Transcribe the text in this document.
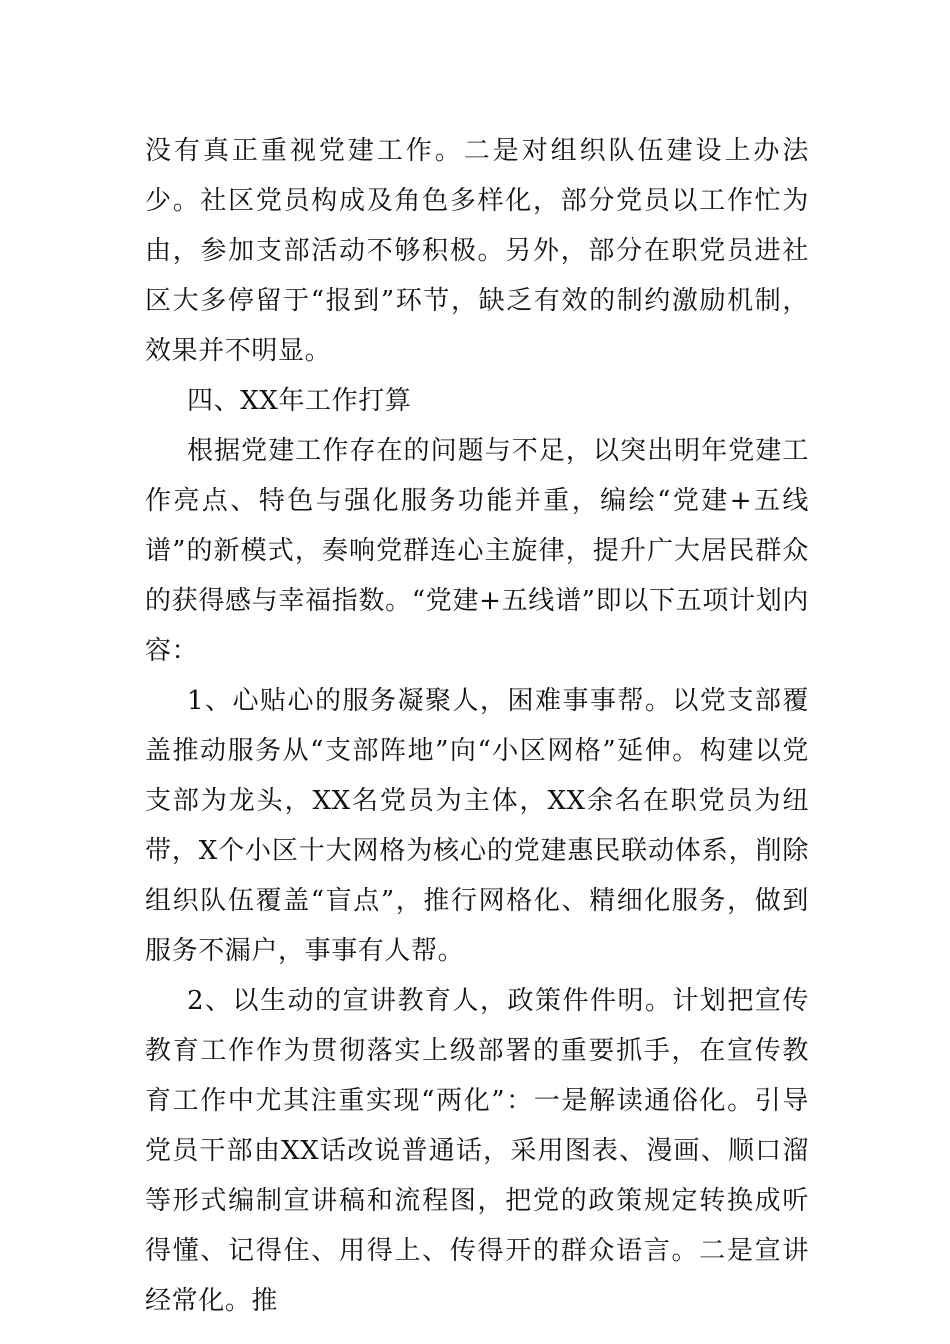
没有真正重视党建工作。二是对组织队伍建设上办法少。社区党员构成及角色多样化，部分党员以工作忙为由，参加支部活动不够积极。另外，部分在职党员进社区大多停留于“报到”环节，缺乏有效的制约激励机制，效果并不明显。

四、XX年工作打算

根据党建工作存在的问题与不足，以突出明年党建工作亮点、特色与强化服务功能并重，编绘“党建+五线谱”的新模式，奏响党群连心主旋律，提升广大居民群众的获得感与幸福指数。“党建+五线谱”即以下五项计划内容：

1、心贴心的服务凝聚人，困难事事帮。以党支部覆盖推动服务从“支部阵地”向“小区网格”延伸。构建以党支部为龙头，XX名党员为主体，XX余名在职党员为纽带，X个小区十大网格为核心的党建惠民联动体系，削除组织队伍覆盖“盲点”，推行网格化、精细化服务，做到服务不漏户，事事有人帮。

2、以生动的宣讲教育人，政策件件明。计划把宣传教育工作作为贯彻落实上级部署的重要抓手，在宣传教育工作中尤其注重实现“两化”：一是解读通俗化。引导党员干部由XX话改说普通话，采用图表、漫画、顺口溜等形式编制宣讲稿和流程图，把党的政策规定转换成听得懂、记得住、用得上、传得开的群众语言。二是宣讲经常化。推
